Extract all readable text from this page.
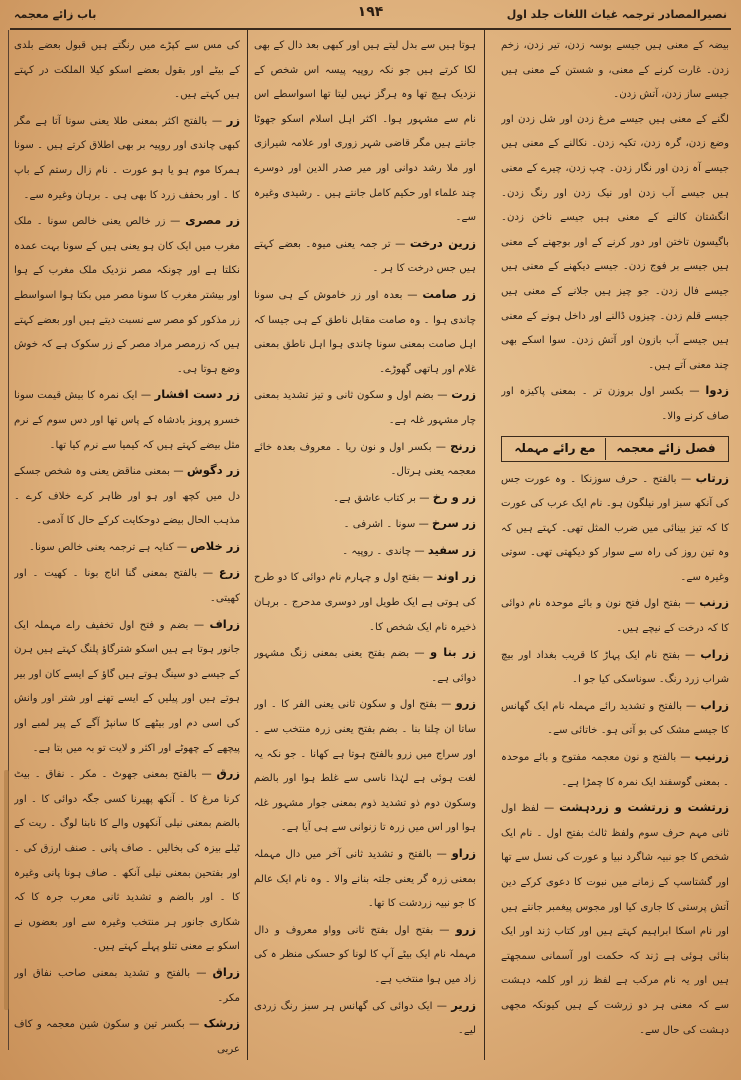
نصیرالمصادر ترجمہ غیاث اللغات جلد اول
١٩۴
باب زائے معجمہ

بیضہ کے معنی ہیں جیسے بوسہ زدن، تیر زدن، زخم زدن۔ غارت کرنے کے معنی، و شستن کے معنی ہیں جیسے ساز زدن، آتش زدن۔

لگنے کے معنی ہیں جیسے مرغ زدن اور شل زدن اور وضع زدن، گرہ زدن، تکیہ زدن۔ نکالنے کے معنی ہیں جیسے آہ زدن اور نگار زدن۔ چپ زدن، چیرے کے معنی ہیں جیسے آب زدن اور نیک زدن اور رنگ زدن۔ انگشتان کالنے کے معنی ہیں جیسے ناخن زدن۔ باگیسون تاختن اور دور کرنے کے اور بوجھنے کے معنی ہیں جیسے بر فوج زدن۔ جیسے دیکھنے کے معنی ہیں جیسے فال زدن۔ جو چیز ہیں جلانے کے معنی ہیں جیسے قلم زدن۔ چیزوں ڈالنے اور داخل ہونے کے معنی ہیں جیسے آب بازون اور آتش زدن۔ سوا اسکے بھی چند معنی آتے ہیں۔

زدوا — بکسر اول بروزن تر ۔ بمعنی پاکیزہ اور صاف کرنے والا۔

فصل زائے معجمہ
مع رائے مہملہ

زرتاب — بالفتح ۔ حرف سوزنکا ۔ وہ عورت جس کی آنکھ سبز اور نیلگون ہو۔ نام ایک عرب کی عورت کا کہ تیز بینائی میں ضرب المثل تھی۔ کہتے ہیں کہ وہ تین روز کی راہ سے سوار کو دیکھتی تھی۔ سوتی وغیرہ سے۔

زرنب — بفتح اول فتح نون و بائے موحدہ نام دوائی کا کہ درخت کے نیچے ہیں۔

زراب — بفتح نام ایک پہاڑ کا قریب بغداد اور بیچ شراب زرد رنگ۔ سوناسکی کیا جو ا۔

زراب — بالفتح و تشدید رائے مہملہ نام ایک گھانس کا جیسے مشک کی بو آتی ہو۔ خاتائی سے۔

زرنیب — بالفتح و نون معجمہ مفتوح و بائے موحدہ ۔ بمعنی گوسفند ایک نمرہ کا چمڑا ہے۔

زرتشت و زرتشت و زردہشت — لفظ اول ثانی مہم حرف سوم ولفظ ثالث بفتح اول ۔ نام ایک شخص کا جو نبیہ شاگرد نبیا و عورت کی نسل سے تھا اور گشتاسپ کے زمانے میں نبوت کا دعوی کرکے دین آتش پرستی کا جاری کیا اور مجوس پیغمبر جانتے ہیں اور نام اسکا ابراہیم کہتے ہیں اور کتاب ژند اور ایک بنائی ہوئی ہے ژند کہ حکمت اور آسمانی سمجھتے ہیں اور یہ نام مرکب ہے لفظ زر اور کلمہ دہشت سے کہ معنی ہر دو زرشت کے ہیں کیونکہ مجھی دہشت کی حال سے۔

ہوتا ہیں سے بدل لیتے ہیں اور کبھی بعد دال کے بھی لکا کرتے ہیں جو نکہ روپیہ پیسہ اس شخص کے نزدیک ہیچ تھا وہ ہرگز نہیں لیتا تھا اسواسطے اس نام سے مشہور ہوا۔ اکثر اہل اسلام اسکو جھوٹا جانتے ہیں مگر قاضی شہر زوری اور علامہ شیرازی اور ملا رشد دوانی اور میر صدر الدین اور دوسرے چند علماء اور حکیم کامل جانتے ہیں ۔ رشیدی وغیرہ سے۔

زرین درخت — تر جمہ یعنی میوہ۔ بعضے کہتے ہیں جس درخت کا ہر ۔

زر صامت — بعدہ اور زر خاموش کے ہی سونا چاندی ہوا ۔ وہ صامت مقابل ناطق کے ہی جیسا کہ اہل صامت بمعنی سونا چاندی ہوا اہل ناطق بمعنی غلام اور ہاتھی گھوڑے۔

زرت — بضم اول و سکون ثانی و تیز تشدید بمعنی چار مشہور غلہ ہے۔

زرنج — بکسر اول و نون ریا ۔ معروف بعدہ خائے معجمہ یعنی ہرتال۔

زر و رخ — بر کتاب عاشق ہے۔

زر سرخ — سونا ۔ اشرفی ۔

زر سفید — چاندی ۔ روپیہ ۔

زر اوند — بفتح اول و چہارم نام دوائی کا دو طرح کی ہوتی ہے ایک طویل اور دوسری مدحرج ۔ برہان ذخیرہ نام ایک شخص کا۔

زر بنا و — بضم بفتح یعنی بمعنی زنگ مشہور دوائی ہے۔

زرو — بفتح اول و سکون ثانی یعنی الفر کا ۔ اور ساتا ان چلنا بنا ۔ بضم بفتح یعنی زرہ منتخب سے ۔ اور سراج میں زرو بالفتح ہوتا ہے کھانا ۔ جو نکہ یہ لغت ہوئی ہے لہٰذا ناسی سے غلط ہوا اور بالضم وسکون دوم ذو تشدید ذوم بمعنی جوار مشہور غلہ ہوا اور اس میں زرہ تا زنوانی سے ہی آیا ہے۔

زراو — بالفتح و تشدید ثانی آخر میں دال مہملہ بمعنی زرہ گر یعنی جلتہ بنانے والا ۔ وہ نام ایک عالم کا جو نبیہ زردشت کا تھا۔

زرو — بفتح اول بفتح ثانی وواو معروف و دال مہملہ نام ایک بیٹے آپ کا لونا کو حسکی منظر ہ کی زاد میں ہوا منتخب ہے۔

زریر — ایک دوائی کی گھانس ہر سبز رنگ زردی لیے۔

کی مس سے کپڑے میں رنگتے ہیں قبول بعضے بلدی کے بیٹے اور بقول بعضے اسکو کیلا الملکت در کہتے ہیں کہتے ہیں۔

زر — بالفتح اکثر بمعنی طلا یعنی سونا آتا ہے مگر کبھی چاندی اور روپیہ بر بھی اطلاق کرتے ہیں ۔ سونا ہمرکا موم ہو یا ہو عورت ۔ نام زال رستم کے باپ کا ۔ اور بحفف زرد کا بھی ہی ۔ برہان وغیرہ سے۔

زر مصری — زر خالص یعنی خالص سونا ۔ ملک مغرب میں ایک کان ہو یعنی ہیں کے سونا بہت عمدہ نکلتا ہے اور چونکہ مصر نزدیک ملک مغرب کے ہوا اور بیشتر مغرب کا سونا مصر میں بکتا ہوا اسواسطے زر مذکور کو مصر سے نسبت دیتے ہیں اور بعضے کہتے ہیں کہ زرمصر مراد مصر کے زر سکوک ہے کہ خوش وضع ہوتا ہی۔

زر دست افشار — ایک نمرہ کا بیش قیمت سونا خسرو پرویز بادشاہ کے پاس تھا اور دس سوم کے نرم مثل بیضے کہتے ہیں کہ کیمیا سے نرم کیا تھا۔

زر دگوش — بمعنی مناقض یعنی وہ شخص جسکے دل میں کچھ اور ہو اور ظاہر کرے خلاف کرے ۔ مذہب الحال بیضے دوحکایت کرکے حال کا آدمی۔

زر خلاص — کنایہ ہے ترجمہ یعنی خالص سونا۔

زرع — بالفتح بمعنی گنا اناج بونا ۔ کھیت ۔ اور کھیتی۔

زراف — بضم و فتح اول تخفیف راے مہملہ ایک جانور ہوتا ہے ہیں اسکو شترگاؤ پلنگ کہتے ہیں ہرن کے جیسے دو سینگ ہوتے ہیں گاؤ کے ایسے کان اور بیر ہوتے ہیں اور پیلیں کے ایسے تھنے اور شتر اور وانش کی اسی دم اور بیٹھے کا سانپڑ آگے کے پیر لمبے اور پیچھے کے چھوٹے اور اکثر و لایت تو بہ میں بتا ہے۔

زرق — بالفتح بمعنی جھوٹ ۔ مکر ۔ نفاق ۔ بیٹ کرنا مرغ کا ۔ آنکھ پھیرنا کسی جگہ دوائی کا ۔ اور بالضم بمعنی نیلی آنکھوں والے کا نابنا لوگ ۔ ریت کے ٹیلے بیزہ کی بخالیں ۔ صاف پانی ۔ صنف ارزق کی ۔ اور بفتحین بمعنی نیلی آنکھ ۔ صاف ہونا پانی وغیرہ کا ۔ اور بالضم و تشدید ثانی معرب جرہ کا کہ شکاری جانور ہر منتخب وغیرہ سے اور بعضوں نے اسکو بے معنی تتلو پہلے کہتے ہیں۔

زراق — بالفتح و تشدید بمعنی صاحب نفاق اور مکر۔

زرشک — بکسر تین و سکون شین معجمہ و کاف عربی
